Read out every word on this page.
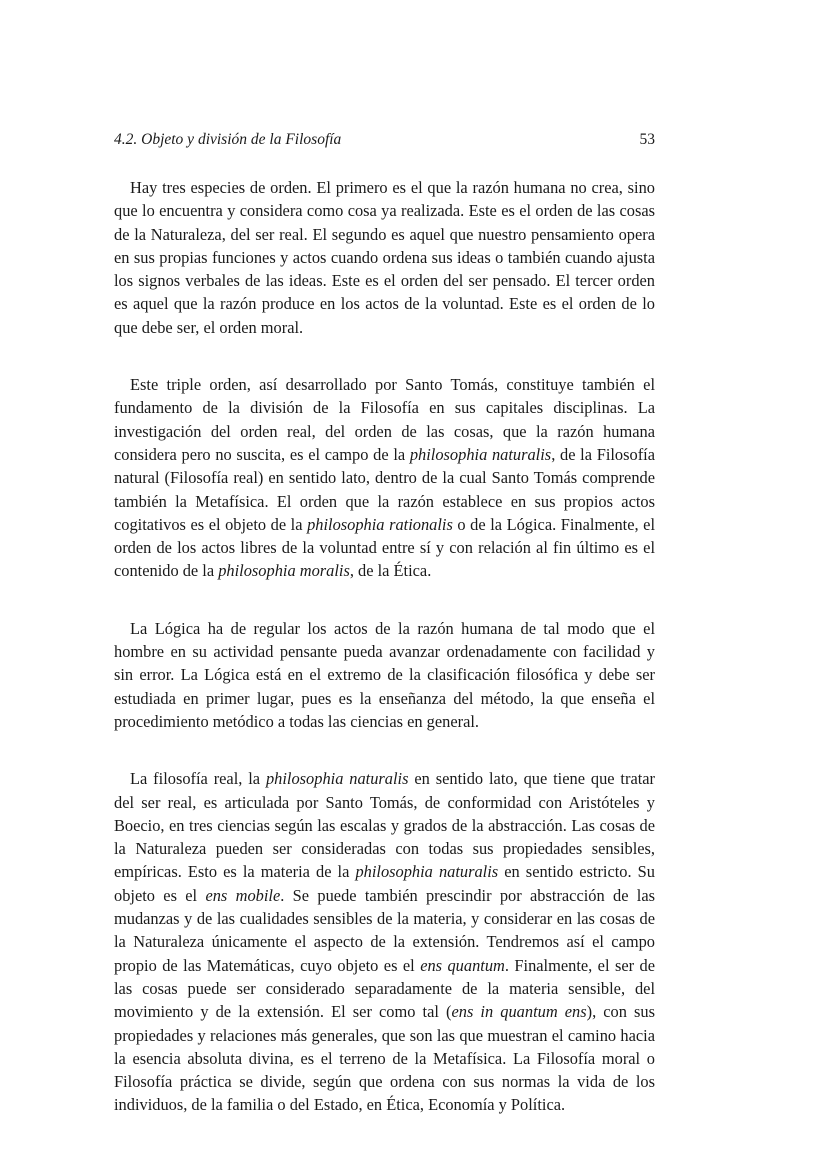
4.2. Objeto y división de la Filosofía	53

Hay tres especies de orden. El primero es el que la razón humana no crea, sino que lo encuentra y considera como cosa ya realizada. Este es el orden de las cosas de la Naturaleza, del ser real. El segundo es aquel que nuestro pensamiento opera en sus propias funciones y actos cuando ordena sus ideas o también cuando ajusta los signos verbales de las ideas. Este es el orden del ser pensado. El tercer orden es aquel que la razón produce en los actos de la voluntad. Este es el orden de lo que debe ser, el orden moral.

Este triple orden, así desarrollado por Santo Tomás, constituye también el fundamento de la división de la Filosofía en sus capitales disciplinas. La investigación del orden real, del orden de las cosas, que la razón humana considera pero no suscita, es el campo de la philosophia naturalis, de la Filosofía natural (Filosofía real) en sentido lato, dentro de la cual Santo Tomás comprende también la Metafísica. El orden que la razón establece en sus propios actos cogitativos es el objeto de la philosophia rationalis o de la Lógica. Finalmente, el orden de los actos libres de la voluntad entre sí y con relación al fin último es el contenido de la philosophia moralis, de la Ética.

La Lógica ha de regular los actos de la razón humana de tal modo que el hombre en su actividad pensante pueda avanzar ordenadamente con facilidad y sin error. La Lógica está en el extremo de la clasificación filosófica y debe ser estudiada en primer lugar, pues es la enseñanza del método, la que enseña el procedimiento metódico a todas las ciencias en general.

La filosofía real, la philosophia naturalis en sentido lato, que tiene que tratar del ser real, es articulada por Santo Tomás, de conformidad con Aristóteles y Boecio, en tres ciencias según las escalas y grados de la abstracción. Las cosas de la Naturaleza pueden ser consideradas con todas sus propiedades sensibles, empíricas. Esto es la materia de la philosophia naturalis en sentido estricto. Su objeto es el ens mobile. Se puede también prescindir por abstracción de las mudanzas y de las cualidades sensibles de la materia, y considerar en las cosas de la Naturaleza únicamente el aspecto de la extensión. Tendremos así el campo propio de las Matemáticas, cuyo objeto es el ens quantum. Finalmente, el ser de las cosas puede ser considerado separadamente de la materia sensible, del movimiento y de la extensión. El ser como tal (ens in quantum ens), con sus propiedades y relaciones más generales, que son las que muestran el camino hacia la esencia absoluta divina, es el terreno de la Metafísica. La Filosofía moral o Filosofía práctica se divide, según que ordena con sus normas la vida de los individuos, de la familia o del Estado, en Ética, Economía y Política.
